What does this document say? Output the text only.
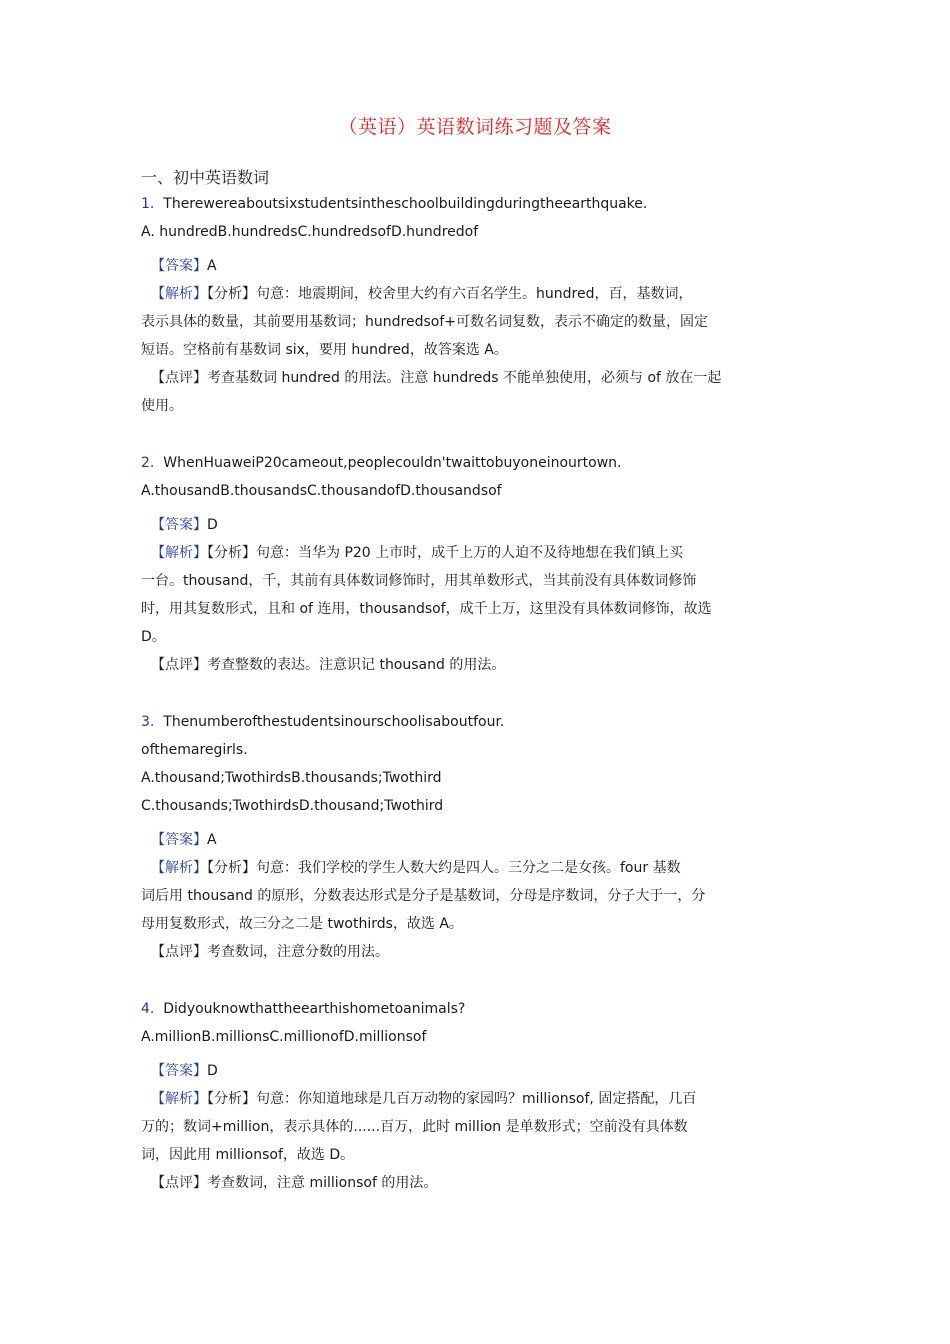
（英语）英语数词练习题及答案
一、初中英语数词
1. Therewereaboutsixstudentsintheschoolbuildingduringtheearthquake.
A. hundredB.hundredsC.hundredsofD.hundredof
【答案】A
【解析】【分析】句意：地震期间，校舍里大约有六百名学生。hundred，百，基数词，
表示具体的数量，其前要用基数词；hundredsof+可数名词复数，表示不确定的数量，固定
短语。空格前有基数词 six，要用 hundred，故答案选 A。
【点评】考查基数词 hundred 的用法。注意 hundreds 不能单独使用，必须与 of 放在一起
使用。
2. WhenHuaweiP20cameout,peoplecouldn'twaittobuyoneinourtown.
A.thousandB.thousandsC.thousandofD.thousandsof
【答案】D
【解析】【分析】句意：当华为 P20 上市时，成千上万的人迫不及待地想在我们镇上买
一台。thousand，千，其前有具体数词修饰时，用其单数形式，当其前没有具体数词修饰
时，用其复数形式，且和 of 连用，thousandsof，成千上万，这里没有具体数词修饰，故选
D。
【点评】考查整数的表达。注意识记 thousand 的用法。
3. Thenumberofthestudentsinourschoolisaboutfour.
ofthemaregirls.
A.thousand;TwothirdsB.thousands;Twothird
C.thousands;TwothirdsD.thousand;Twothird
【答案】A
【解析】【分析】句意：我们学校的学生人数大约是四人。三分之二是女孩。four 基数
词后用 thousand 的原形，分数表达形式是分子是基数词，分母是序数词，分子大于一，分
母用复数形式，故三分之二是 twothirds，故选 A。
【点评】考查数词，注意分数的用法。
4. Didyouknowthattheearthishometoanimals?
A.millionB.millionsC.millionofD.millionsof
【答案】D
【解析】【分析】句意：你知道地球是几百万动物的家园吗？millionsof, 固定搭配，几百
万的；数词+million，表示具体的......百万，此时 million 是单数形式；空前没有具体数
词，因此用 millionsof，故选 D。
【点评】考查数词，注意 millionsof 的用法。
